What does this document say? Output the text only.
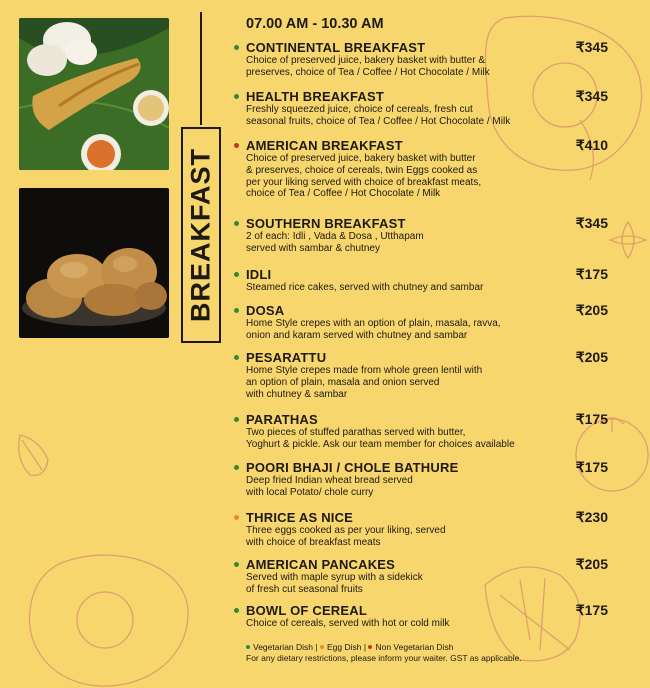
BREAKFAST
07.00 AM - 10.30 AM
CONTINENTAL BREAKFAST	₹345
Choice of preserved juice, bakery basket with butter &
preserves, choice of Tea / Coffee / Hot Chocolate / Milk
HEALTH BREAKFAST	₹345
Freshly squeezed juice, choice of cereals, fresh cut
seasonal fruits, choice of Tea / Coffee / Hot Chocolate / Milk
AMERICAN BREAKFAST	₹410
Choice of preserved juice, bakery basket with butter
& preserves, choice of cereals, twin Eggs cooked as
per your liking served with choice of breakfast meats,
choice of Tea / Coffee / Hot Chocolate / Milk
SOUTHERN BREAKFAST	₹345
2 of each: Idli , Vada & Dosa , Utthapam
served with sambar & chutney
IDLI	₹175
Steamed rice cakes, served with chutney and sambar
DOSA	₹205
Home Style crepes with an option of plain, masala, ravva,
onion and karam served with chutney and sambar
PESARATTU	₹205
Home Style crepes made from whole green lentil with
an option of plain, masala and onion served
with chutney & sambar
PARATHAS	₹175
Two pieces of stuffed parathas served with butter,
Yoghurt & pickle. Ask our team member for choices available
POORI BHAJI / CHOLE BATHURE	₹175
Deep fried Indian wheat bread served
with local Potato/ chole curry
THRICE AS NICE	₹230
Three eggs cooked as per your liking, served
with choice of breakfast meats
AMERICAN PANCAKES	₹205
Served with maple syrup with a sidekick
of fresh cut seasonal fruits
BOWL OF CEREAL	₹175
Choice of cereals, served with hot or cold milk
Vegetarian Dish | Egg Dish | Non Vegetarian Dish
For any dietary restrictions, please inform your waiter. GST as applicable.
